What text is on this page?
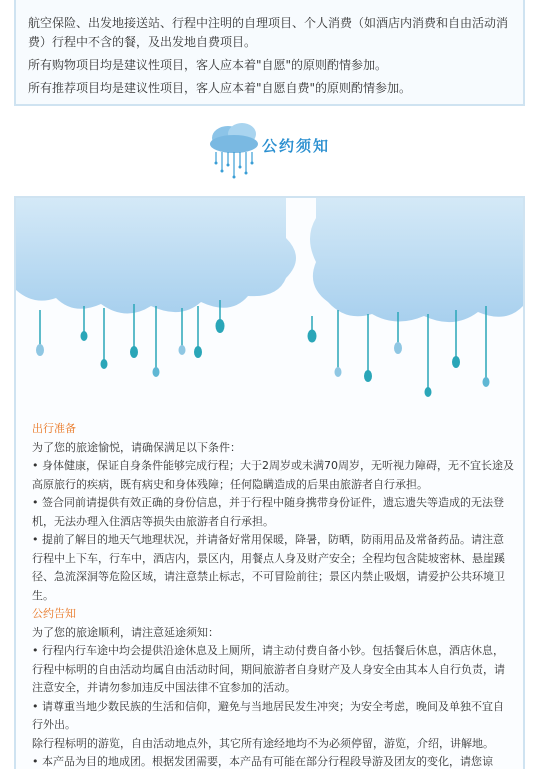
航空保险、出发地接送站、行程中注明的自理项目、个人消费（如酒店内消费和自由活动消费）行程中不含的餐，及出发地自费项目。

所有购物项目均是建议性项目，客人应本着"自愿"的原则酌情参加。

所有推荐项目均是建议性项目，客人应本着"自愿自费"的原则酌情参加。

公约须知

出行准备

为了您的旅途愉悦，请确保满足以下条件：

• 身体健康，保证自身条件能够完成行程；大于2周岁或未满70周岁，无听视力障碍，无不宜长途及高原旅行的疾病，既有病史和身体残障；任何隐瞒造成的后果由旅游者自行承担。

• 签合同前请提供有效正确的身份信息，并于行程中随身携带身份证件，遗忘遗失等造成的无法登机，无法办理入住酒店等损失由旅游者自行承担。

• 提前了解目的地天气地理状况，并请备好常用保暖，降暑，防晒，防雨用品及常备药品。请注意行程中上下车，行车中，酒店内，景区内，用餐点人身及财产安全；全程均包含陡坡密林、悬崖蹊径、急流深洞等危险区域，请注意禁止标志，不可冒险前往；景区内禁止吸烟，请爱护公共环境卫生。

公约告知

为了您的旅途顺利，请注意延途须知：

• 行程内行车途中均会提供沿途休息及上厕所，请主动付费自备小钞。包括餐后休息，酒店休息，行程中标明的自由活动均属自由活动时间，期间旅游者自身财产及人身安全由其本人自行负责，请注意安全，并请勿参加违反中国法律不宜参加的活动。

• 请尊重当地少数民族的生活和信仰，避免与当地居民发生冲突；为安全考虑，晚间及单独不宜自行外出。

除行程标明的游览，自由活动地点外，其它所有途经地均不为必须停留，游览，介绍，讲解地。

• 本产品为目的地成团。根据发团需要，本产品有可能在部分行程段导游及团友的变化，请您谅
